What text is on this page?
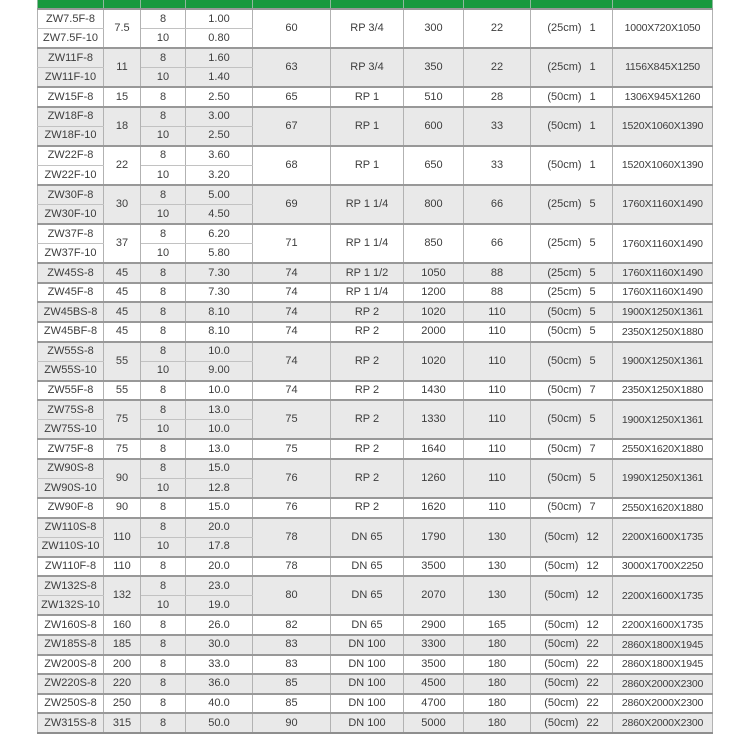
ZW7.5F-8	7.5	8	1.00	60	RP 3/4	300	22	(25cm) 1	1000X720X1050
ZW7.5F-10		10	0.80						
ZW11F-8	11	8	1.60	63	RP 3/4	350	22	(25cm) 1	1156X845X1250
ZW11F-10		10	1.40						
ZW15F-8	15	8	2.50	65	RP 1	510	28	(50cm) 1	1306X945X1260
ZW18F-8	18	8	3.00	67	RP 1	600	33	(50cm) 1	1520X1060X1390
ZW18F-10		10	2.50						
ZW22F-8	22	8	3.60	68	RP 1	650	33	(50cm) 1	1520X1060X1390
ZW22F-10		10	3.20						
ZW30F-8	30	8	5.00	69	RP 1 1/4	800	66	(25cm) 5	1760X1160X1490
ZW30F-10		10	4.50						
ZW37F-8	37	8	6.20	71	RP 1 1/4	850	66	(25cm) 5	1760X1160X1490
ZW37F-10		10	5.80						
ZW45S-8	45	8	7.30	74	RP 1 1/2	1050	88	(25cm) 5	1760X1160X1490
ZW45F-8	45	8	7.30	74	RP 1 1/4	1200	88	(25cm) 5	1760X1160X1490
ZW45BS-8	45	8	8.10	74	RP 2	1020	110	(50cm) 5	1900X1250X1361
ZW45BF-8	45	8	8.10	74	RP 2	2000	110	(50cm) 5	2350X1250X1880
ZW55S-8	55	8	10.0	74	RP 2	1020	110	(50cm) 5	1900X1250X1361
ZW55S-10		10	9.00						
ZW55F-8	55	8	10.0	74	RP 2	1430	110	(50cm) 7	2350X1250X1880
ZW75S-8	75	8	13.0	75	RP 2	1330	110	(50cm) 5	1900X1250X1361
ZW75S-10		10	10.0						
ZW75F-8	75	8	13.0	75	RP 2	1640	110	(50cm) 7	2550X1620X1880
ZW90S-8	90	8	15.0	76	RP 2	1260	110	(50cm) 5	1990X1250X1361
ZW90S-10		10	12.8						
ZW90F-8	90	8	15.0	76	RP 2	1620	110	(50cm) 7	2550X1620X1880
ZW110S-8	110	8	20.0	78	DN 65	1790	130	(50cm) 12	2200X1600X1735
ZW110S-10		10	17.8						
ZW110F-8	110	8	20.0	78	DN 65	3500	130	(50cm) 12	3000X1700X2250
ZW132S-8	132	8	23.0	80	DN 65	2070	130	(50cm) 12	2200X1600X1735
ZW132S-10		10	19.0						
ZW160S-8	160	8	26.0	82	DN 65	2900	165	(50cm) 12	2200X1600X1735
ZW185S-8	185	8	30.0	83	DN 100	3300	180	(50cm) 22	2860X1800X1945
ZW200S-8	200	8	33.0	83	DN 100	3500	180	(50cm) 22	2860X1800X1945
ZW220S-8	220	8	36.0	85	DN 100	4500	180	(50cm) 22	2860X2000X2300
ZW250S-8	250	8	40.0	85	DN 100	4700	180	(50cm) 22	2860X2000X2300
ZW315S-8	315	8	50.0	90	DN 100	5000	180	(50cm) 22	2860X2000X2300
